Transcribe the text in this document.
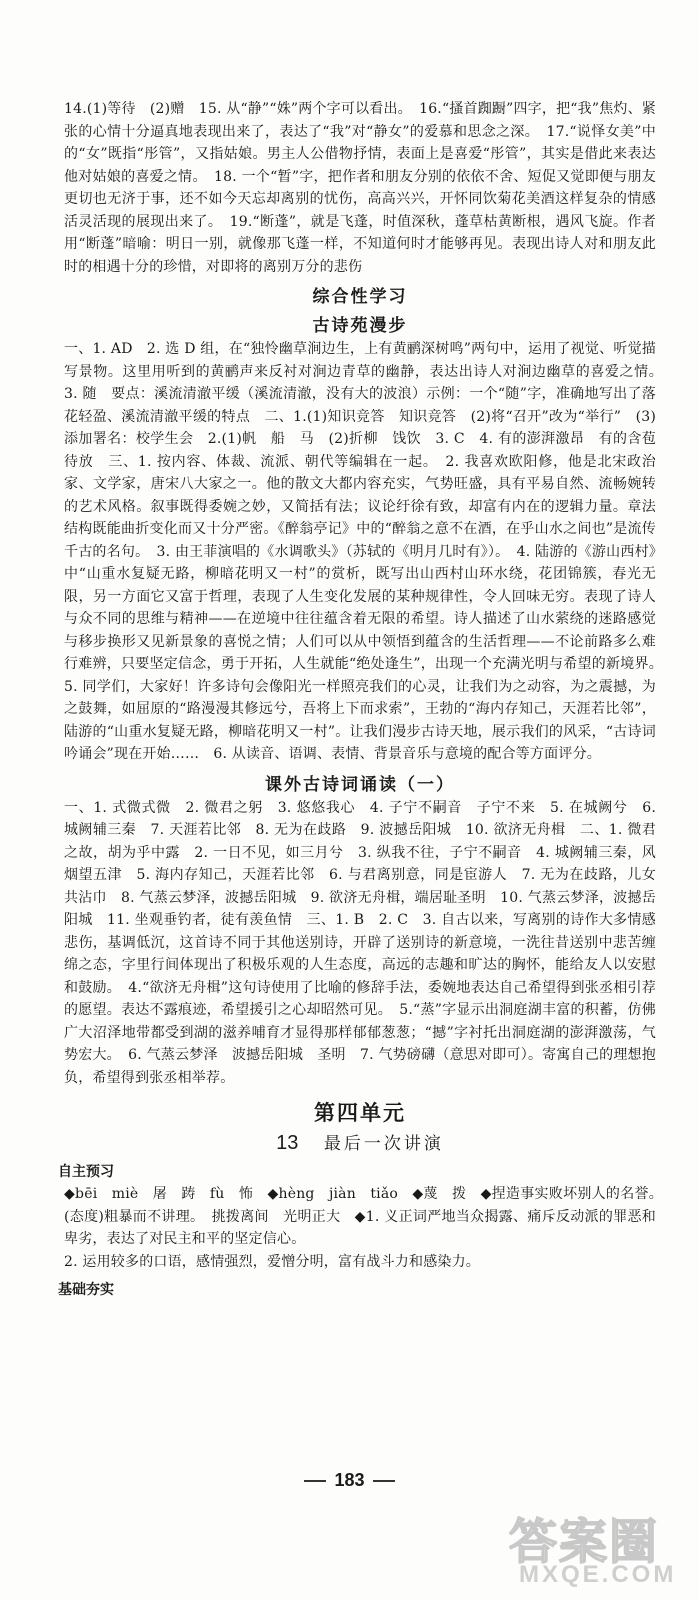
14.(1)等待　(2)赠　15. 从“静”“姝”两个字可以看出。　16.“搔首踟蹰”四字，把“我”焦灼、紧张的心情十分逼真地表现出来了，表达了“我”对“静女”的爱慕和思念之深。　17.“说怿女美”中的“女”既指“彤管”，又指姑娘。男主人公借物抒情，表面上是喜爱“彤管”，其实是借此来表达他对姑娘的喜爱之情。　18. 一个“暂”字，把作者和朋友分别的依依不舍、短促又觉即便与朋友更切也无济于事，还不如今天忘却离别的忧伤，高高兴兴，开怀同饮菊花美酒这样复杂的情感活灵活现的展现出来了。　19.“断蓬”，就是飞蓬，时值深秋，蓬草枯黄断根，遇风飞旋。作者用“断蓬”暗喻：明日一别，就像那飞蓬一样，不知道何时才能够再见。表现出诗人对和朋友此时的相遇十分的珍惜，对即将的离别万分的悲伤

综合性学习
古诗苑漫步

一、1. AD　2. 选 D 组，在“独怜幽草涧边生，上有黄鹂深树鸣”两句中，运用了视觉、听觉描写景物。这里用听到的黄鹂声来反衬对涧边青草的幽静，表达出诗人对涧边幽草的喜爱之情。　3. 随　要点：溪流清澈平缓（溪流清澈，没有大的波浪）示例：一个“随”字，准确地写出了落花轻盈、溪流清澈平缓的特点　二、1.(1)知识竞答　知识竞答　(2)将“召开”改为“举行”　(3)添加署名：校学生会　2.(1)帆　船　马　(2)折柳　饯饮　3. C　4. 有的澎湃激昂　有的含苞待放　三、1. 按内容、体裁、流派、朝代等编辑在一起。　2. 我喜欢欧阳修，他是北宋政治家、文学家，唐宋八大家之一。他的散文大都内容充实，气势旺盛，具有平易自然、流畅婉转的艺术风格。叙事既得委婉之妙，又简括有法；议论纡徐有致，却富有内在的逻辑力量。章法结构既能曲折变化而又十分严密。《醉翁亭记》中的“醉翁之意不在酒，在乎山水之间也”是流传千古的名句。　3. 由王菲演唱的《水调歌头》（苏轼的《明月几时有》）。　4. 陆游的《游山西村》中“山重水复疑无路，柳暗花明又一村”的赏析，既写出山西村山环水绕，花团锦簇，春光无限，另一方面它又富于哲理，表现了人生变化发展的某种规律性，令人回味无穷。表现了诗人与众不同的思维与精神——在逆境中往往蕴含着无限的希望。诗人描述了山水萦绕的迷路感觉与移步换形又见新景象的喜悦之情；人们可以从中领悟到蕴含的生活哲理——不论前路多么难行难辨，只要坚定信念，勇于开拓，人生就能“绝处逢生”，出现一个充满光明与希望的新境界。　5. 同学们，大家好！许多诗句会像阳光一样照亮我们的心灵，让我们为之动容，为之震撼，为之鼓舞，如屈原的“路漫漫其修远兮，吾将上下而求索”，王勃的“海内存知己，天涯若比邻”，陆游的“山重水复疑无路，柳暗花明又一村”。让我们漫步古诗天地，展示我们的风采，“古诗词吟诵会”现在开始……　6. 从读音、语调、表情、背景音乐与意境的配合等方面评分。

课外古诗词诵读（一）

一、1. 式微式微　2. 微君之躬　3. 悠悠我心　4. 子宁不嗣音　子宁不来　5. 在城阙兮　6. 城阙辅三秦　7. 天涯若比邻　8. 无为在歧路　9. 波撼岳阳城　10. 欲济无舟楫　二、1. 微君之故，胡为乎中露　2. 一日不见，如三月兮　3. 纵我不往，子宁不嗣音　4. 城阙辅三秦，风烟望五津　5. 海内存知己，天涯若比邻　6. 与君离别意，同是宦游人　7. 无为在歧路，儿女共沾巾　8. 气蒸云梦泽，波撼岳阳城　9. 欲济无舟楫，端居耻圣明　10. 气蒸云梦泽，波撼岳阳城　11. 坐观垂钓者，徒有羡鱼情　三、1. B　2. C　3. 自古以来，写离别的诗作大多情感悲伤，基调低沉，这首诗不同于其他送别诗，开辟了送别诗的新意境，一洗往昔送别中悲苦缠绵之态，字里行间体现出了积极乐观的人生态度，高远的志趣和旷达的胸怀，能给友人以安慰和鼓励。　4.“欲济无舟楫”这句诗使用了比喻的修辞手法，委婉地表达自己希望得到张丞相引荐的愿望。表达不露痕迹，希望援引之心却昭然可见。　5.“蒸”字显示出洞庭湖丰富的积蓄，仿佛广大沼泽地带都受到湖的滋养哺育才显得那样郁郁葱葱；“撼”字衬托出洞庭湖的澎湃激荡，气势宏大。　6. 气蒸云梦泽　波撼岳阳城　圣明　7. 气势磅礴（意思对即可）。寄寓自己的理想抱负，希望得到张丞相举荐。

第四单元
13 最后一次讲演
自主预习

◆bēi　miè　屠　踌　fù　怖　◆hèng　jiàn　tiǎo　◆蔑　拨　◆捏造事实败坏别人的名誉。　(态度)粗暴而不讲理。　挑拨离间　光明正大　◆1. 义正词严地当众揭露、痛斥反动派的罪恶和卑劣，表达了对民主和平的坚定信心。

2. 运用较多的口语，感情强烈，爱憎分明，富有战斗力和感染力。

基础夯实
183
答案圈
MXQE.COM
